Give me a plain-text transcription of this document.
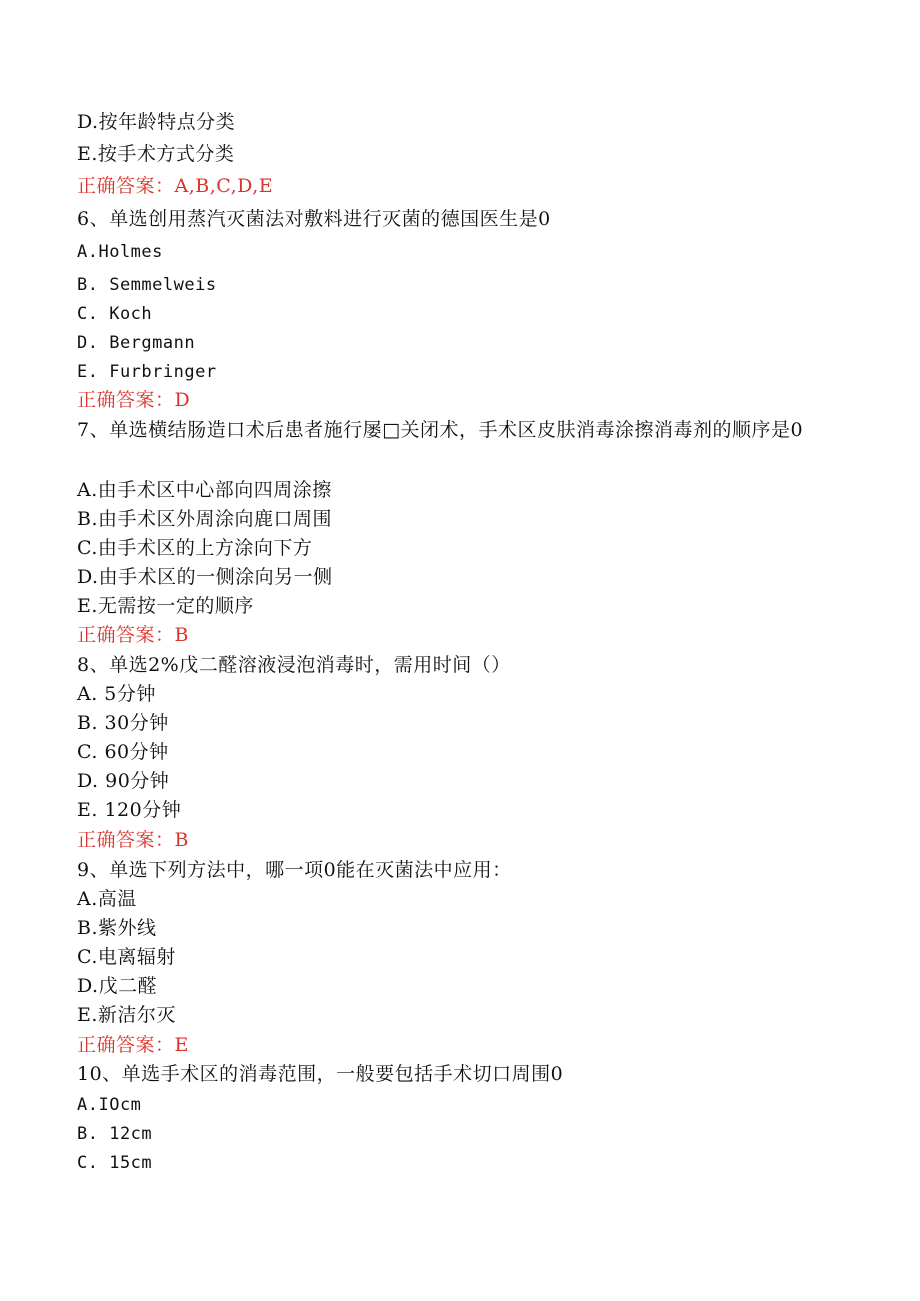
D.按年龄特点分类
E.按手术方式分类
正确答案：A,B,C,D,E
6、单选创用蒸汽灭菌法对敷料进行灭菌的德国医生是0
A.Holmes
B. Semmelweis
C. Koch
D. Bergmann
E. Furbringer
正确答案：D
7、单选横结肠造口术后患者施行屡□关闭术，手术区皮肤消毒涂擦消毒剂的顺序是0
A.由手术区中心部向四周涂擦
B.由手术区外周涂向鹿口周围
C.由手术区的上方涂向下方
D.由手术区的一侧涂向另一侧
E.无需按一定的顺序
正确答案：B
8、单选2%戊二醛溶液浸泡消毒时，需用时间（）
A. 5分钟
B. 30分钟
C. 60分钟
D. 90分钟
E. 120分钟
正确答案：B
9、单选下列方法中，哪一项0能在灭菌法中应用：
A.高温
B.紫外线
C.电离辐射
D.戊二醛
E.新洁尔灭
正确答案：E
10、单选手术区的消毒范围，一般要包括手术切口周围0
A.IOcm
B. 12cm
C. 15cm
